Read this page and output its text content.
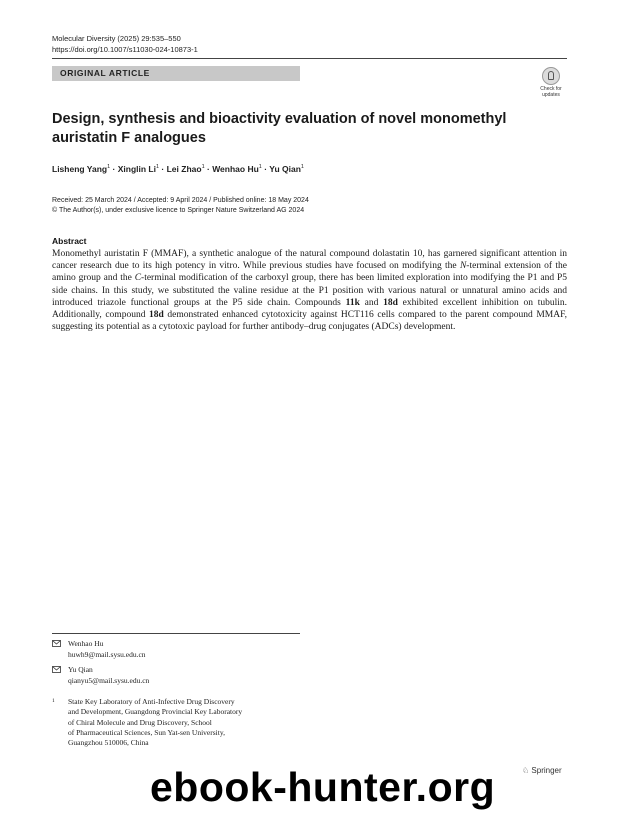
Molecular Diversity (2025) 29:535–550
https://doi.org/10.1007/s11030-024-10873-1
ORIGINAL ARTICLE
Check for updates
Design, synthesis and bioactivity evaluation of novel monomethyl auristatin F analogues
Lisheng Yang$^1$ · Xinglin $Li^1$ · Lei Zhao$^1$ · Wenhao $Hu^1 \cdot Yu$ Qian$^1$
Received: 25 March 2024 / Accepted: 9 April 2024 / Published online: 18 May 2024
© The Author(s), under exclusive licence to Springer Nature Switzerland AG 2024
Abstract
Monomethyl auristatin F (MMAF), a synthetic analogue of the natural compound dolastatin 10, has garnered significant attention in cancer research due to its high potency in vitro. While previous studies have focused on modifying the N-terminal extension of the amino group and the C-terminal modification of the carboxyl group, there has been limited exploration into modifying the P1 and P5 side chains. In this study, we substituted the valine residue at the P1 position with various natural or unnatural amino acids and introduced triazole functional groups at the P5 side chain. Compounds 11k and 18d exhibited excellent inhibition on tubulin. Additionally, compound 18d demonstrated enhanced cytotoxicity against HCT116 cells compared to the parent compound MMAF, suggesting its potential as a cytotoxic payload for further antibody–drug conjugates (ADCs) development.
Wenhao Hu
huwh9@mail.sysu.edu.cn
Yu Qian
qianyu5@mail.sysu.edu.cn
1 State Key Laboratory of Anti-Infective Drug Discovery
and Development, Guangdong Provincial Key Laboratory
of Chiral Molecule and Drug Discovery, School
of Pharmaceutical Sciences, Sun Yat-sen University,
Guangzhou 510006, China
ebook-hunter.org	♘ Springer
